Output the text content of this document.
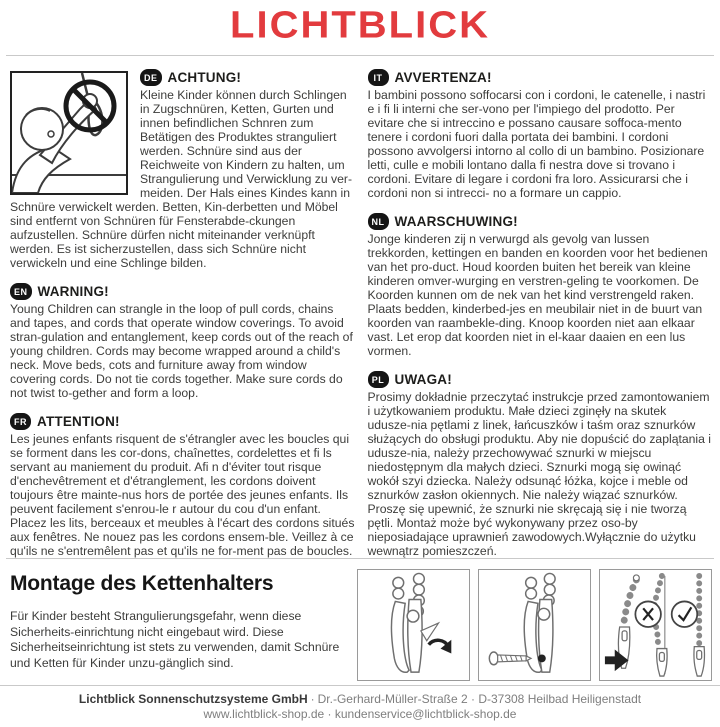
LICHTBLICK
DE ACHTUNG!
Kleine Kinder können durch Schlingen in Zugschnüren, Ketten, Gurten und innen befindlichen Schnren zum Betätigen des Produktes stranguliert werden. Schnüre sind aus der Reichweite von Kindern zu halten, um Strangulierung und Verwicklung zu ver-meiden. Der Hals eines Kindes kann in Schnüre verwickelt werden. Betten, Kin-derbetten und Möbel sind entfernt von Schnüren für Fensterabde-ckungen aufzustellen. Schnüre dürfen nicht miteinander verknüpft werden. Es ist sicherzustellen, dass sich Schnüre nicht verwickeln und eine Schlinge bilden.
EN WARNING!
Young Children can strangle in the loop of pull cords, chains and tapes, and cords that operate window coverings. To avoid stran-gulation and entanglement, keep cords out of the reach of young children. Cords may become wrapped around a child's neck. Move beds, cots and furniture away from window covering cords. Do not tie cords together. Make sure cords do not twist to-gether and form a loop.
FR ATTENTION!
Les jeunes enfants risquent de s'étrangler avec les boucles qui se forment dans les cor-dons, chaînettes, cordelettes et fi ls servant au maniement du produit. Afi n d'éviter tout risque d'enchevêtrement et d'étranglement, les cordons doivent toujours être mainte-nus hors de portée des jeunes enfants. Ils peuvent facilement s'enrou-le r autour du cou d'un enfant. Placez les lits, berceaux et meubles à l'écart des cordons situés aux fenêtres. Ne nouez pas les cordons ensem-ble. Veillez à ce qu'ils ne s'entremêlent pas et qu'ils ne for-ment pas de boucles.
IT AVVERTENZA!
I bambini possono soffocarsi con i cordoni, le catenelle, i nastri e i fi li interni che ser-vono per l'impiego del prodotto. Per evitare che si intreccino e possano causare soffoca-mento tenere i cordoni fuori dalla portata dei bambini. I cordoni possono avvolgersi intorno al collo di un bambino. Posizionare letti, culle e mobili lontano dalla fi nestra dove si trovano i cordoni. Evitare di legare i cordoni fra loro. Assicurarsi che i cordoni non si intrecci- no a formare un cappio.
NL WAARSCHUWING!
Jonge kinderen zij n verwurgd als gevolg van lussen trekkorden, kettingen en banden en koorden voor het bedienen van het pro-duct. Houd koorden buiten het bereik van kleine kinderen omver-wurging en verstren-geling te voorkomen. De Koorden kunnen om de nek van het kind verstrengeld raken. Plaats bedden, kinderbed-jes en meubilair niet in de buurt van koorden van raambekle-ding. Knoop koorden niet aan elkaar vast. Let erop dat koorden niet in el-kaar daaien en een lus vormen.
PL UWAGA!
Prosimy dokładnie przeczytać instrukcje przed zamontowaniem i użytkowaniem produktu. Małe dzieci zginęły na skutek udusze-nia pętlami z linek, łańcuszków i taśm oraz sznurków służących do obsługi produktu. Aby nie dopuścić do zaplątania i udusze-nia, należy przechowywać sznurki w miejscu niedostępnym dla małych dzieci. Sznurki mogą się owinąć wokół szyi dziecka. Należy odsunąć łóżka, kojce i meble od sznurków zasłon okiennych. Nie należy wiązać sznurków. Proszę się upewnić, że sznurki nie skręcają się i nie tworzą pętli. Montaż może być wykonywany przez oso-by nieposiadające uprawnień zawodowych.Wyłącznie do użytku wewnątrz pomieszczeń.
Montage des Kettenhalters
Für Kinder besteht Strangulierungsgefahr, wenn diese Sicherheits-einrichtung nicht eingebaut wird. Diese Sicherheitseinrichtung ist stets zu verwenden, damit Schnüre und Ketten für Kinder unzu-gänglich sind.
Lichtblick Sonnenschutzsysteme GmbH · Dr.-Gerhard-Müller-Straße 2 · D-37308 Heilbad Heiligenstadt
www.lichtblick-shop.de · kundenservice@lichtblick-shop.de
